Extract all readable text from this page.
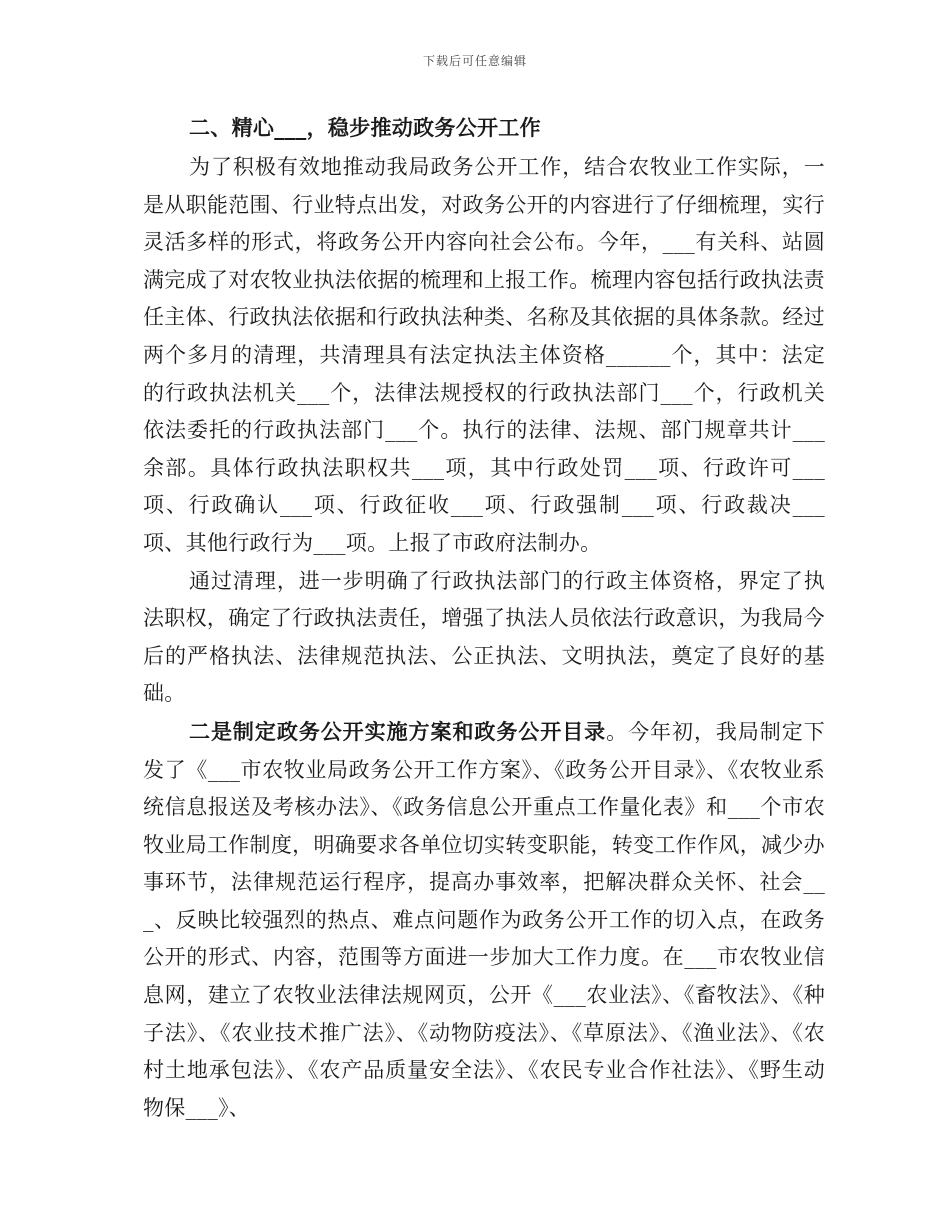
下载后可任意编辑

二、精心___，稳步推动政务公开工作

为了积极有效地推动我局政务公开工作，结合农牧业工作实际，一是从职能范围、行业特点出发，对政务公开的内容进行了仔细梳理，实行灵活多样的形式，将政务公开内容向社会公布。今年，___有关科、站圆满完成了对农牧业执法依据的梳理和上报工作。梳理内容包括行政执法责任主体、行政执法依据和行政执法种类、名称及其依据的具体条款。经过两个多月的清理，共清理具有法定执法主体资格______个，其中：法定的行政执法机关___个，法律法规授权的行政执法部门___个，行政机关依法委托的行政执法部门___个。执行的法律、法规、部门规章共计___余部。具体行政执法职权共___项，其中行政处罚___项、行政许可___项、行政确认___项、行政征收___项、行政强制___项、行政裁决___项、其他行政行为___项。上报了市政府法制办。

通过清理，进一步明确了行政执法部门的行政主体资格，界定了执法职权，确定了行政执法责任，增强了执法人员依法行政意识，为我局今后的严格执法、法律规范执法、公正执法、文明执法，奠定了良好的基础。

二是制定政务公开实施方案和政务公开目录。今年初，我局制定下发了《___市农牧业局政务公开工作方案》、《政务公开目录》、《农牧业系统信息报送及考核办法》、《政务信息公开重点工作量化表》和___个市农牧业局工作制度，明确要求各单位切实转变职能，转变工作作风，减少办事环节，法律规范运行程序，提高办事效率，把解决群众关怀、社会___、反映比较强烈的热点、难点问题作为政务公开工作的切入点，在政务公开的形式、内容，范围等方面进一步加大工作力度。在___市农牧业信息网，建立了农牧业法律法规网页，公开《___农业法》、《畜牧法》、《种子法》、《农业技术推广法》、《动物防疫法》、《草原法》、《渔业法》、《农村土地承包法》、《农产品质量安全法》、《农民专业合作社法》、《野生动物保___》、
